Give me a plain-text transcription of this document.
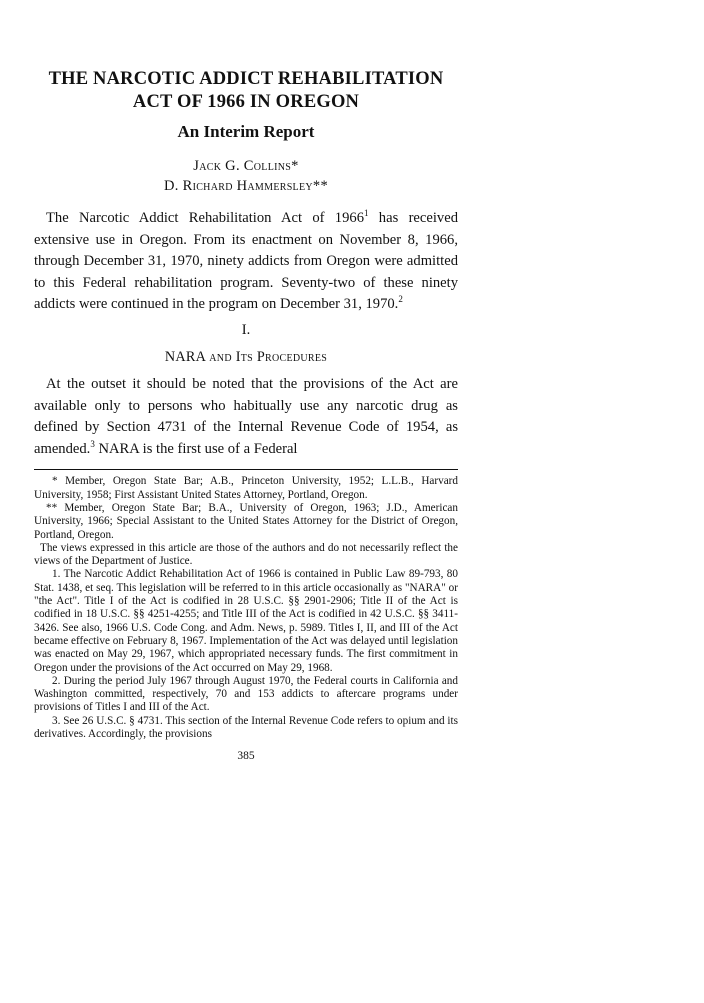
THE NARCOTIC ADDICT REHABILITATION
ACT OF 1966 IN OREGON
An Interim Report
Jack G. Collins*
D. Richard Hammersley**

The Narcotic Addict Rehabilitation Act of 1966$^1$ has received extensive use in Oregon. From its enactment on November 8, 1966, through December 31, 1970, ninety addicts from Oregon were admitted to this Federal rehabilitation program. Seventy-two of these ninety addicts were continued in the program on December 31, 1970.$^2$

I.
NARA and Its Procedures

At the outset it should be noted that the provisions of the Act are available only to persons who habitually use any narcotic drug as defined by Section 4731 of the Internal Revenue Code of 1954, as amended.$^3$ NARA is the first use of a Federal

* Member, Oregon State Bar; A.B., Princeton University, 1952; L.L.B., Harvard University, 1958; First Assistant United States Attorney, Portland, Oregon.

** Member, Oregon State Bar; B.A., University of Oregon, 1963; J.D., American University, 1966; Special Assistant to the United States Attorney for the District of Oregon, Portland, Oregon.

The views expressed in this article are those of the authors and do not necessarily reflect the views of the Department of Justice.

1. The Narcotic Addict Rehabilitation Act of 1966 is contained in Public Law 89-793, 80 Stat. 1438, et seq. This legislation will be referred to in this article occasionally as "NARA" or "the Act". Title I of the Act is codified in 28 U.S.C. §§ 2901-2906; Title II of the Act is codified in 18 U.S.C. §§ 4251-4255; and Title III of the Act is codified in 42 U.S.C. §§ 3411-3426. See also, 1966 U.S. Code Cong. and Adm. News, p. 5989. Titles I, II, and III of the Act became effective on February 8, 1967. Implementation of the Act was delayed until legislation was enacted on May 29, 1967, which appropriated necessary funds. The first commitment in Oregon under the provisions of the Act occurred on May 29, 1968.

2. During the period July 1967 through August 1970, the Federal courts in California and Washington committed, respectively, 70 and 153 addicts to aftercare programs under provisions of Titles I and III of the Act.

3. See 26 U.S.C. § 4731. This section of the Internal Revenue Code refers to opium and its derivatives. Accordingly, the provisions

385
